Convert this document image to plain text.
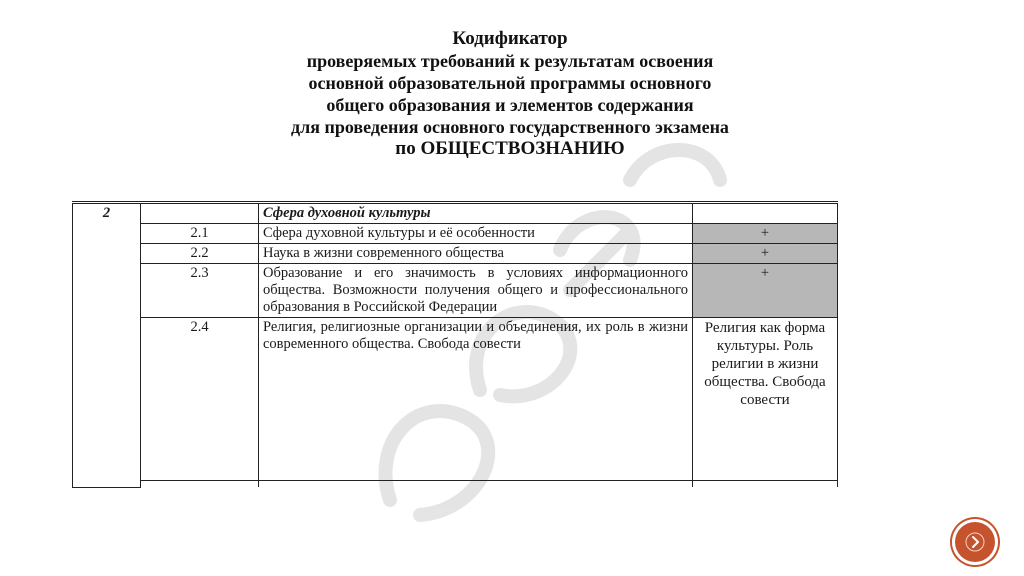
Кодификатор
проверяемых требований к результатам освоения
основной образовательной программы основного
общего образования и элементов содержания
для проведения основного государственного экзамена
по ОБЩЕСТВОЗНАНИЮ
2		Сфера духовной культуры	
	2.1	Сфера духовной культуры и её особенности	+
	2.2	Наука в жизни современного общества	+
	2.3	Образование и его значимость в условиях информационного общества. Возможности получения общего и профессионального образования в Российской Федерации	+
	2.4	Религия, религиозные организации и объединения, их роль в жизни современного общества. Свобода совести	Религия как форма культуры. Роль религии в жизни общества. Свобода совести
